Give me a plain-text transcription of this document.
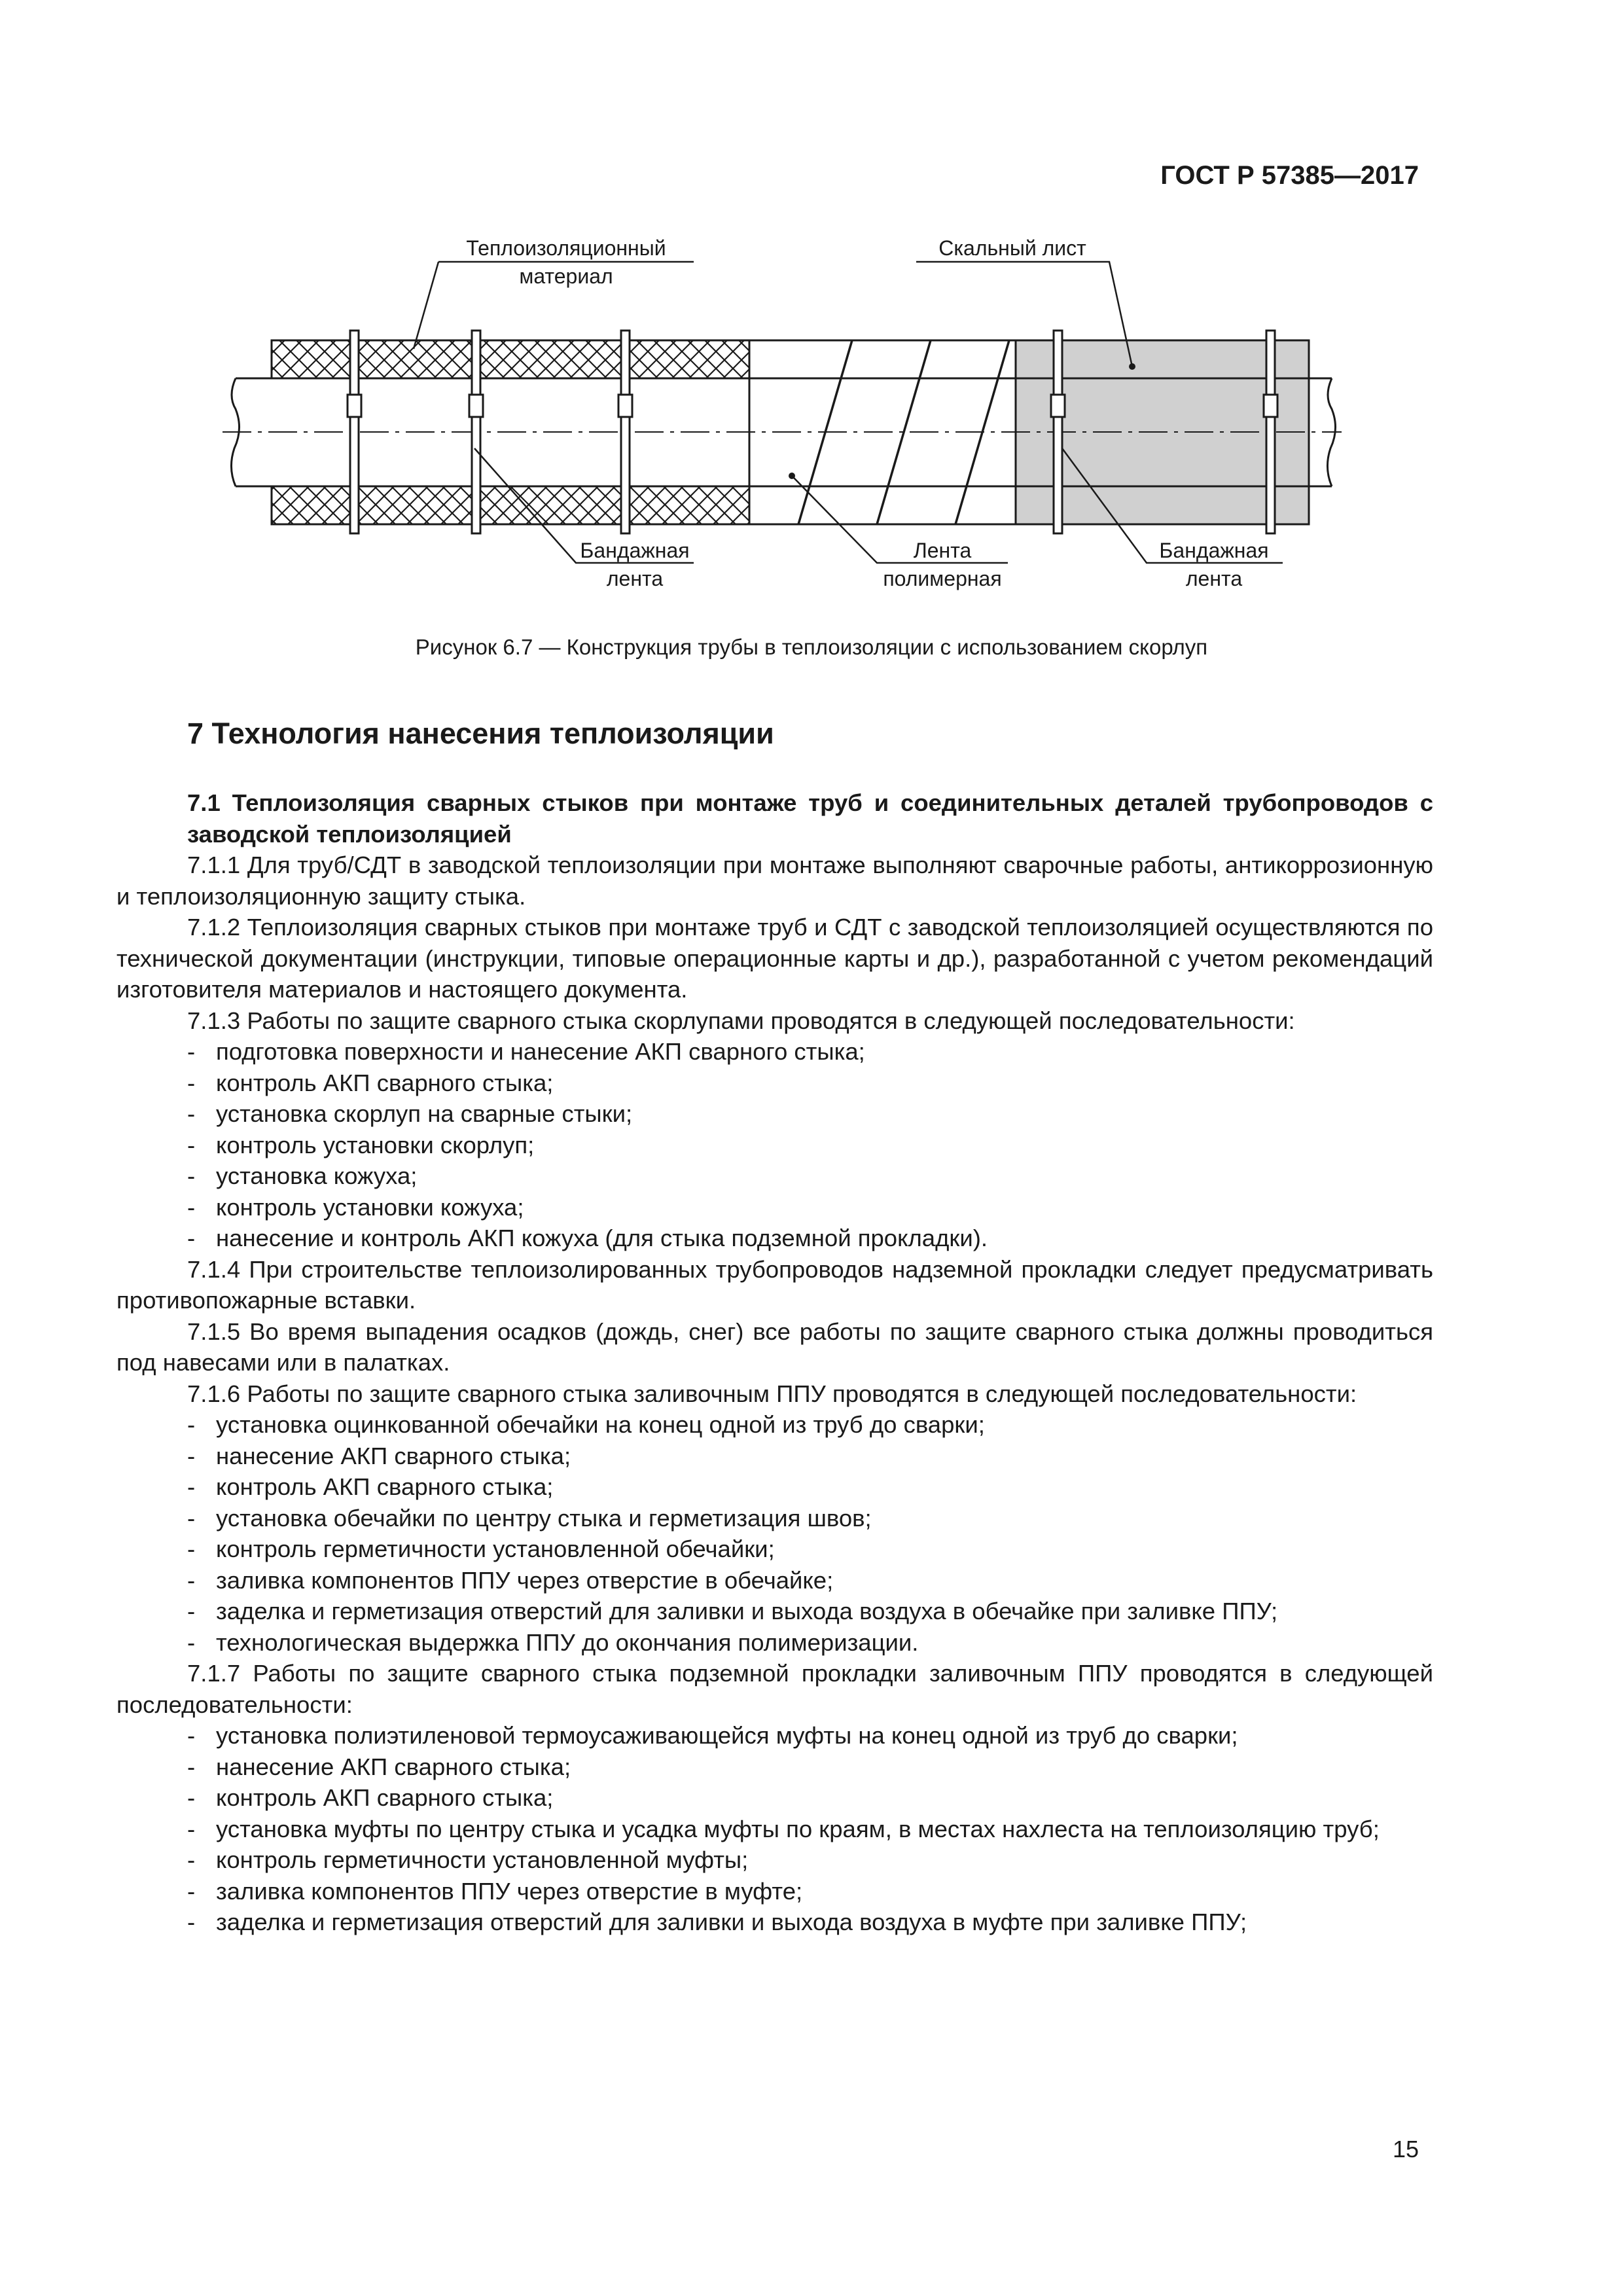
ГОСТ Р 57385—2017
Теплоизоляционный
материал
Скальный лист
Бандажная
лента
Лента
полимерная
Бандажная
лента
Рисунок 6.7 — Конструкция трубы в теплоизоляции с использованием скорлуп
7 Технология нанесения теплоизоляции

7.1 Теплоизоляция сварных стыков при монтаже труб и соединительных деталей трубопроводов с заводской теплоизоляцией

7.1.1 Для труб/СДТ в заводской теплоизоляции при монтаже выполняют сварочные работы, антикоррозионную и теплоизоляционную защиту стыка.

7.1.2 Теплоизоляция сварных стыков при монтаже труб и СДТ с заводской теплоизоляцией осуществляются по технической документации (инструкции, типовые операционные карты и др.), разработанной с учетом рекомендаций изготовителя материалов и настоящего документа.

7.1.3 Работы по защите сварного стыка скорлупами проводятся в следующей последовательности:

- подготовка поверхности и нанесение АКП сварного стыка;

- контроль АКП сварного стыка;

- установка скорлуп на сварные стыки;

- контроль установки скорлуп;

- установка кожуха;

- контроль установки кожуха;

- нанесение и контроль АКП кожуха (для стыка подземной прокладки).

7.1.4 При строительстве теплоизолированных трубопроводов надземной прокладки следует предусматривать противопожарные вставки.

7.1.5 Во время выпадения осадков (дождь, снег) все работы по защите сварного стыка должны проводиться под навесами или в палатках.

7.1.6 Работы по защите сварного стыка заливочным ППУ проводятся в следующей последовательности:

- установка оцинкованной обечайки на конец одной из труб до сварки;

- нанесение АКП сварного стыка;

- контроль АКП сварного стыка;

- установка обечайки по центру стыка и герметизация швов;

- контроль герметичности установленной обечайки;

- заливка компонентов ППУ через отверстие в обечайке;

- заделка и герметизация отверстий для заливки и выхода воздуха в обечайке при заливке ППУ;

- технологическая выдержка ППУ до окончания полимеризации.

7.1.7 Работы по защите сварного стыка подземной прокладки заливочным ППУ проводятся в следующей последовательности:

- установка полиэтиленовой термоусаживающейся муфты на конец одной из труб до сварки;

- нанесение АКП сварного стыка;

- контроль АКП сварного стыка;

- установка муфты по центру стыка и усадка муфты по краям, в местах нахлеста на теплоизоляцию труб;

- контроль герметичности установленной муфты;

- заливка компонентов ППУ через отверстие в муфте;

- заделка и герметизация отверстий для заливки и выхода воздуха в муфте при заливке ППУ;

15
